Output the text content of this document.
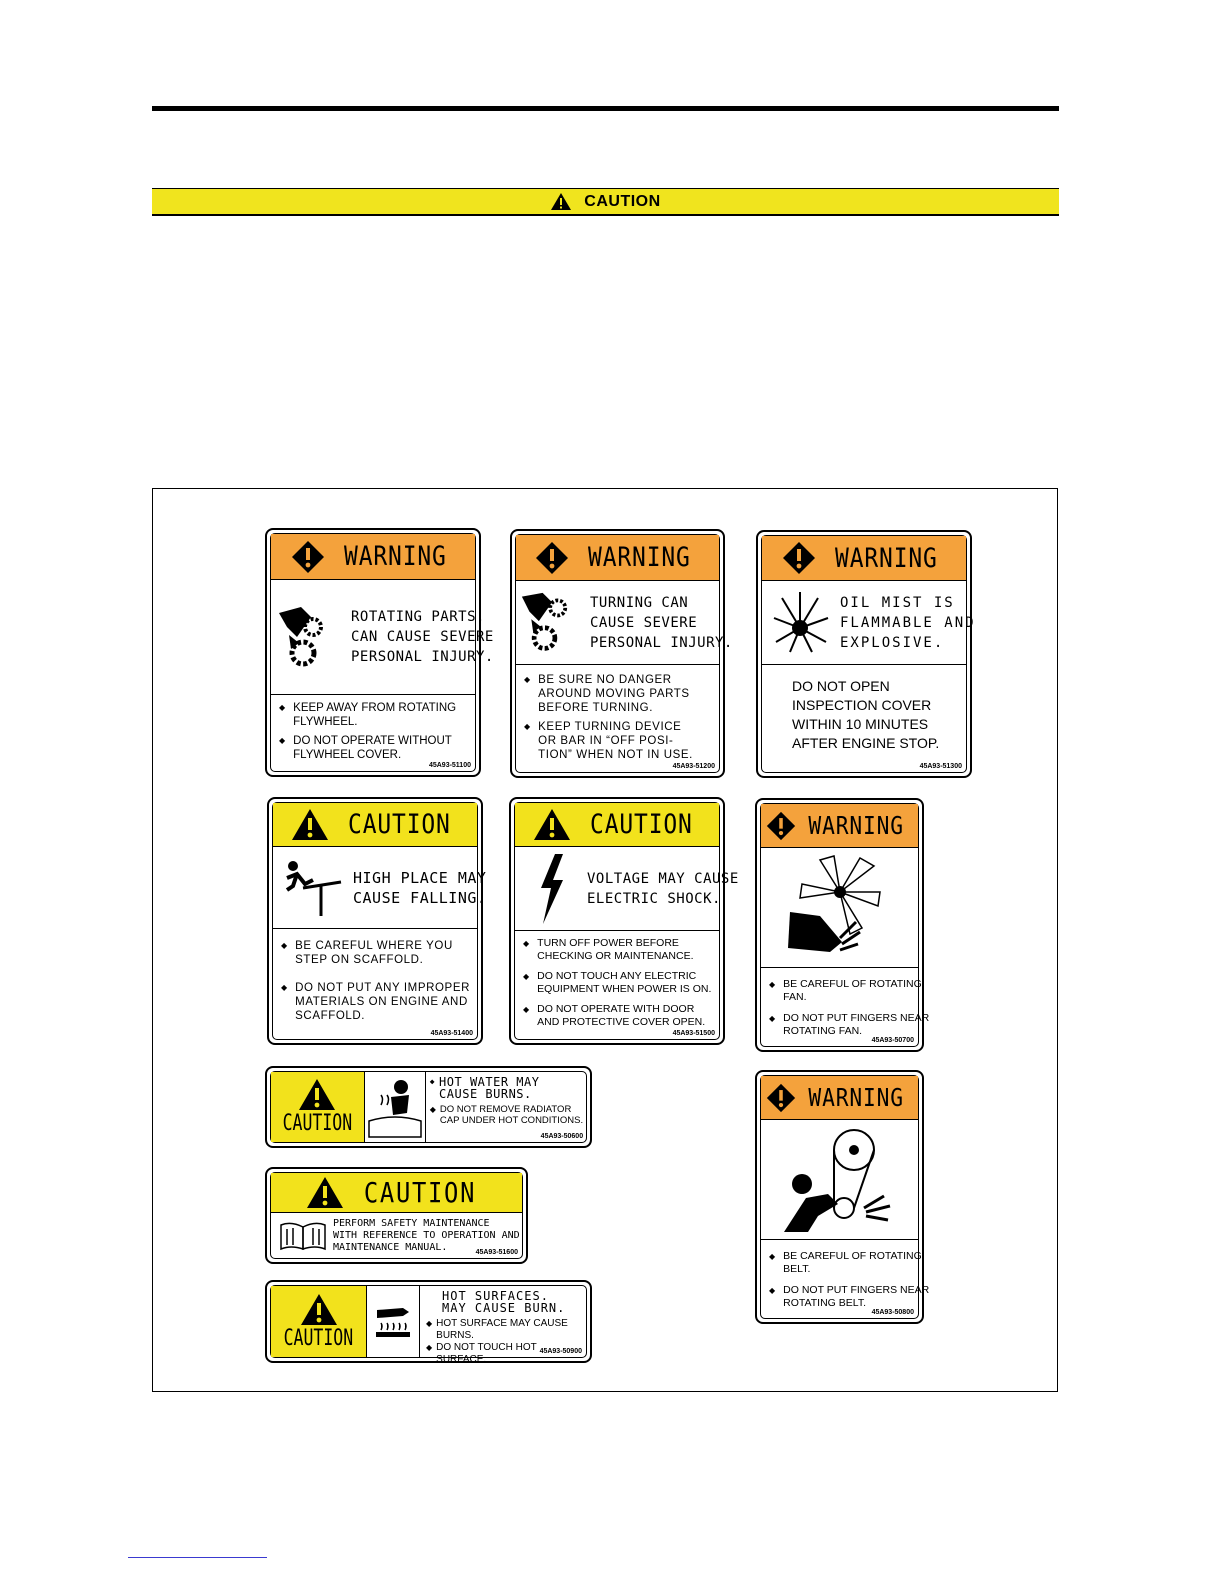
CAUTION
WARNING
ROTATING PARTS.
CAN CAUSE SEVERE
PERSONAL INJURY.
◆ KEEP AWAY FROM ROTATING
FLYWHEEL.
◆ DO NOT OPERATE WITHOUT
FLYWHEEL COVER.
45A93-51100
WARNING
TURNING CAN
CAUSE SEVERE
PERSONAL INJURY.
◆ BE SURE NO DANGER
AROUND MOVING PARTS
BEFORE TURNING.
◆ KEEP TURNING DEVICE
OR BAR IN “OFF POSI-
TION” WHEN NOT IN USE.
45A93-51200
WARNING
OIL MIST IS
FLAMMABLE AND
EXPLOSIVE.
DO NOT OPEN
INSPECTION COVER
WITHIN 10 MINUTES
AFTER ENGINE STOP.
45A93-51300
CAUTION
HIGH PLACE MAY
CAUSE FALLING.
◆ BE CAREFUL WHERE YOU
STEP ON SCAFFOLD.
◆ DO NOT PUT ANY IMPROPER
MATERIALS ON ENGINE AND
SCAFFOLD.
45A93-51400
CAUTION
VOLTAGE MAY CAUSE
ELECTRIC SHOCK.
◆ TURN OFF POWER BEFORE
CHECKING OR MAINTENANCE.
◆ DO NOT TOUCH ANY ELECTRIC
EQUIPMENT WHEN POWER IS ON.
◆ DO NOT OPERATE WITH DOOR
AND PROTECTIVE COVER OPEN.
45A93-51500
WARNING
◆ BE CAREFUL OF ROTATING
FAN.
◆ DO NOT PUT FINGERS NEAR
ROTATING FAN.
45A93-50700
CAUTION
◆ HOT WATER MAY
CAUSE BURNS.
◆ DO NOT REMOVE RADIATOR
CAP UNDER HOT CONDITIONS.
45A93-50600
CAUTION
PERFORM SAFETY MAINTENANCE
WITH REFERENCE TO OPERATION AND
MAINTENANCE MANUAL.	45A93-51600
CAUTION
HOT SURFACES.
MAY CAUSE BURN.
◆ HOT SURFACE MAY CAUSE BURNS.
◆ DO NOT TOUCH HOT SURFACE.
45A93-50900
WARNING
◆ BE CAREFUL OF ROTATING
BELT.
◆ DO NOT PUT FINGERS NEAR
ROTATING BELT.
45A93-50800
